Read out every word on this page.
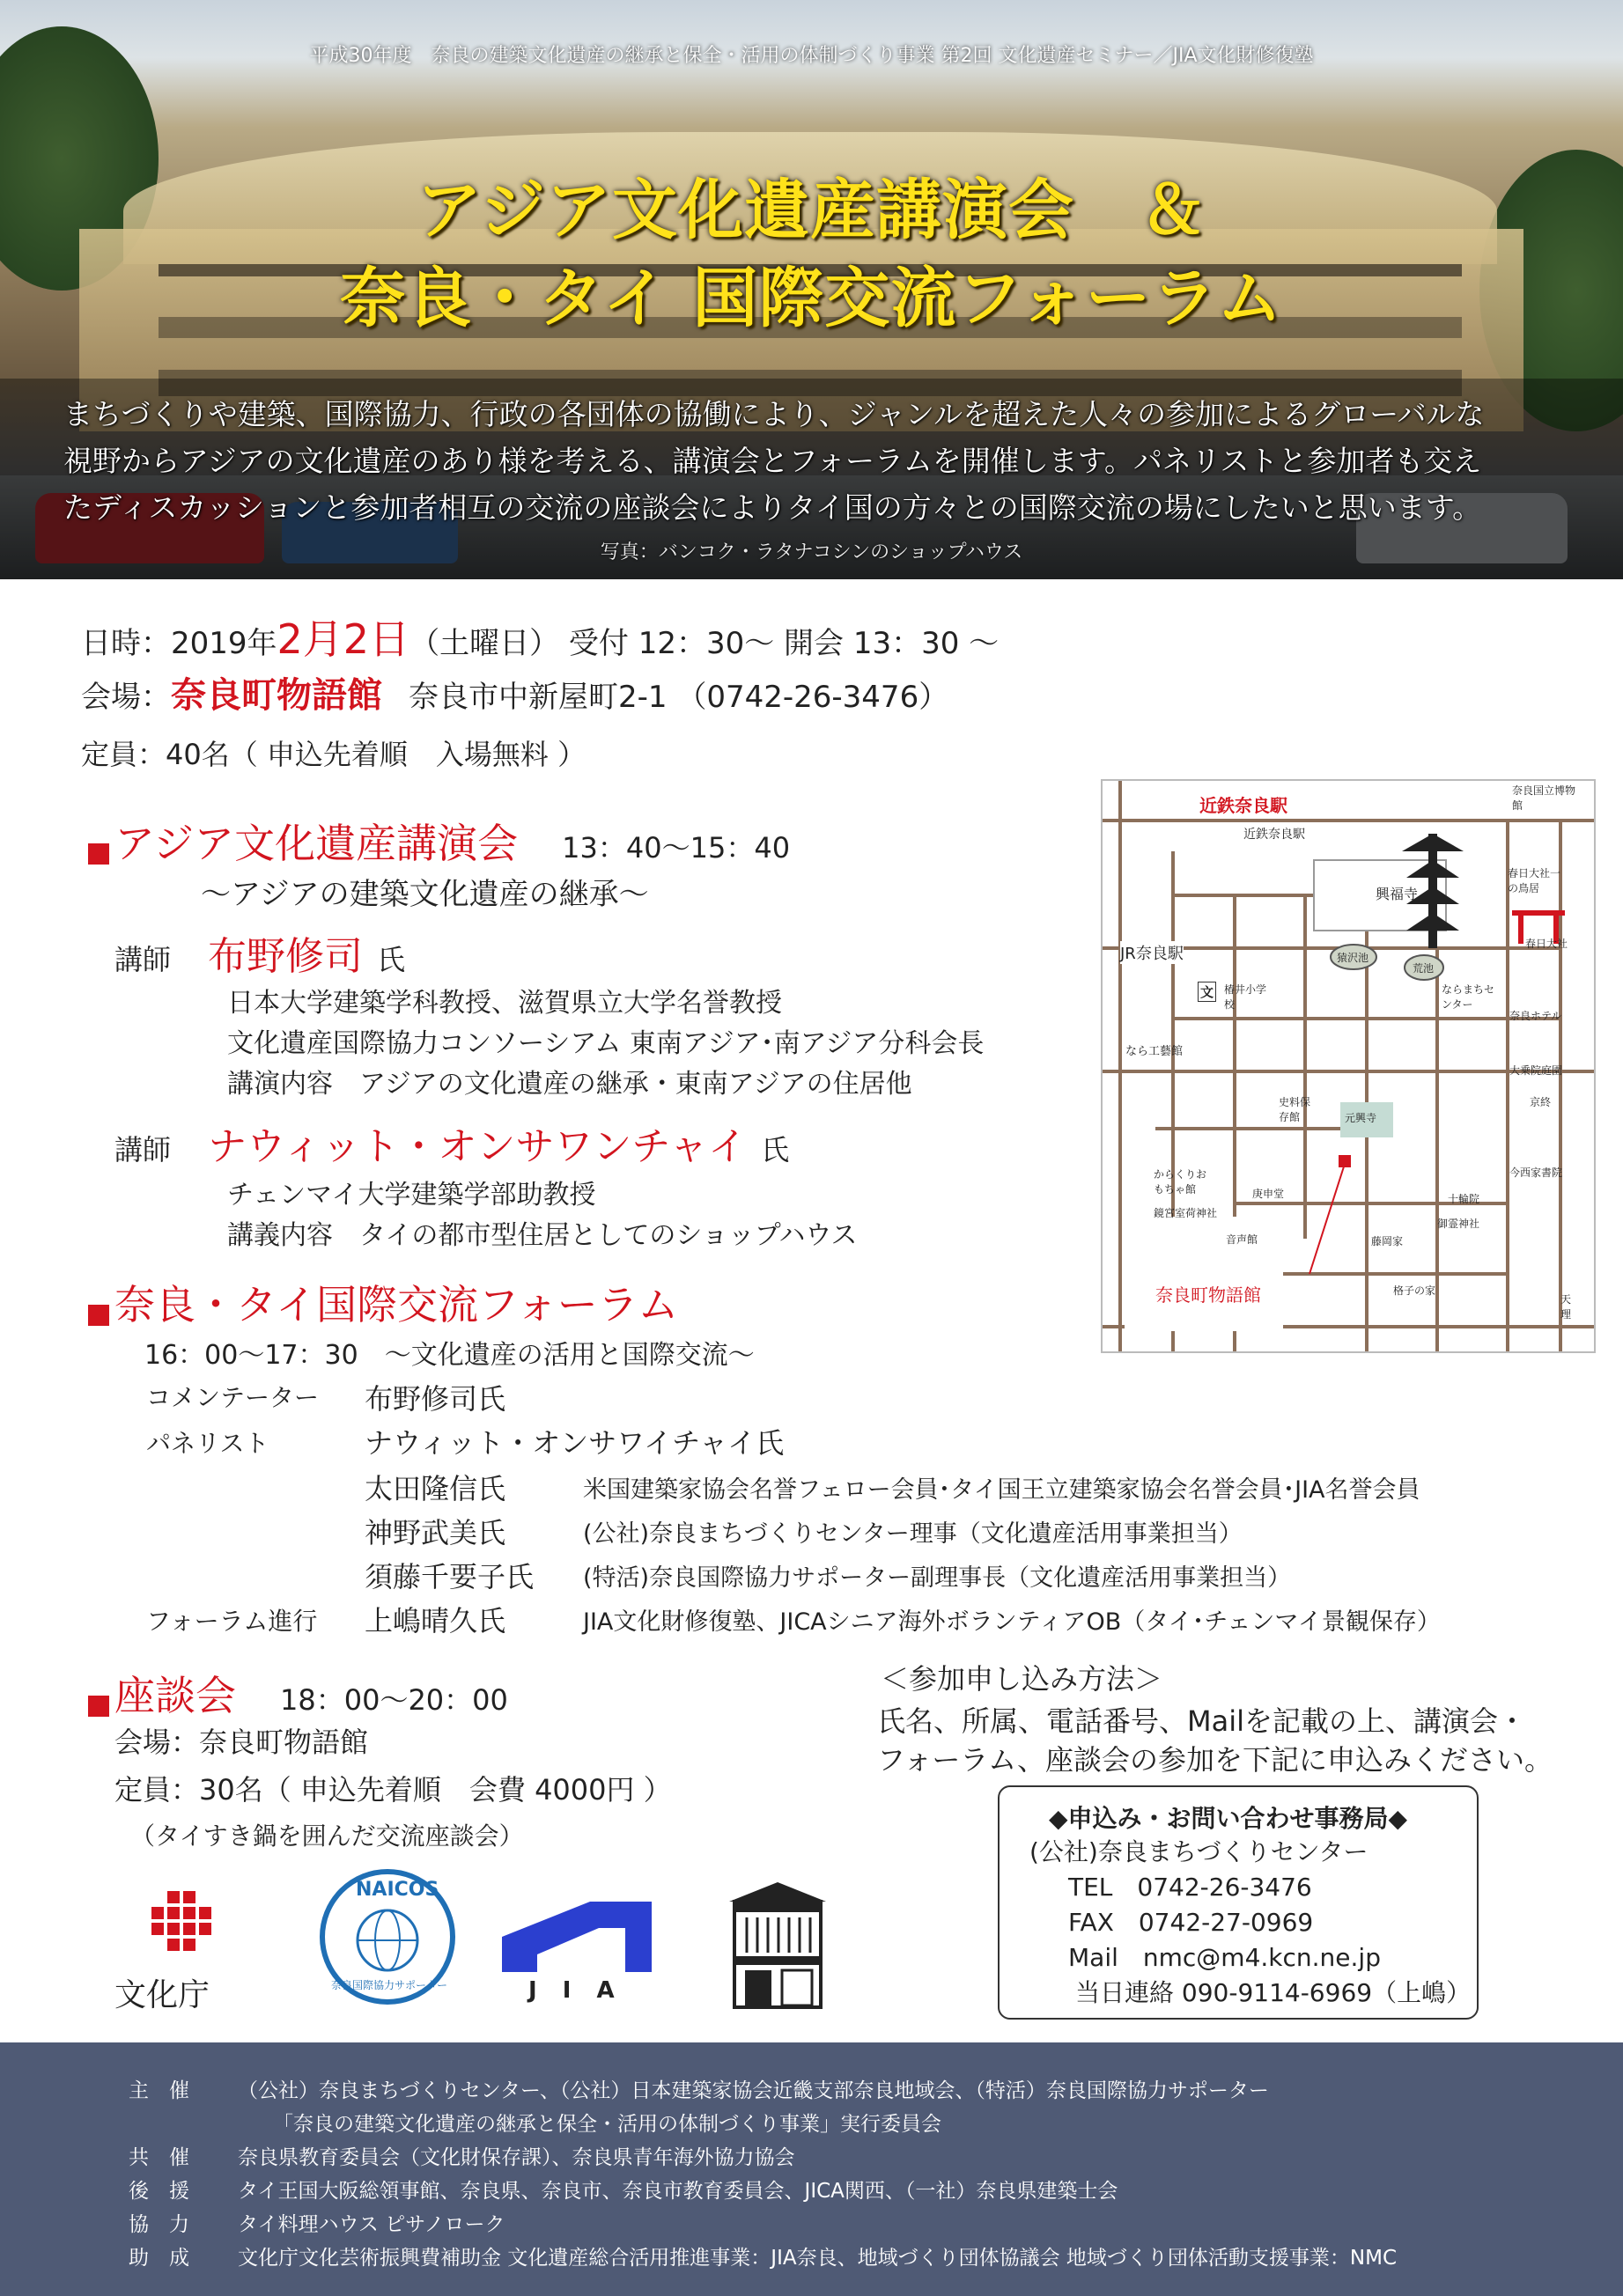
平成30年度　奈良の建築文化遺産の継承と保全・活用の体制づくり事業 第2回 文化遺産セミナー／JIA文化財修復塾
アジア文化遺産講演会　＆
奈良・タイ 国際交流フォーラム
まちづくりや建築、国際協力、行政の各団体の協働により、ジャンルを超えた人々の参加によるグローバルな
視野からアジアの文化遺産のあり様を考える、講演会とフォーラムを開催します。パネリストと参加者も交え
たディスカッションと参加者相互の交流の座談会によりタイ国の方々との国際交流の場にしたいと思います。
写真：バンコク・ラタナコシンのショップハウス
日時：2019年2月2日（土曜日） 受付 12：30～ 開会 13：30 ～
会場：奈良町物語館 奈良市中新屋町2-1 （0742-26-3476）
定員：40名（ 申込先着順　入場無料 ）
アジア文化遺産講演会 13：40～15：40
～アジアの建築文化遺産の継承～
講師 布野修司 氏
日本大学建築学科教授、滋賀県立大学名誉教授
文化遺産国際協力コンソーシアム 東南アジア･南アジア分科会長
講演内容　アジアの文化遺産の継承・東南アジアの住居他
講師 ナウィット・オンサワンチャイ 氏
チェンマイ大学建築学部助教授
講義内容　タイの都市型住居としてのショップハウス
奈良・タイ国際交流フォーラム
16：00～17：30　～文化遺産の活用と国際交流～
コメンテーター 布野修司氏
パネリスト	ナウィット・オンサワイチャイ氏
太田隆信氏	米国建築家協会名誉フェロー会員･タイ国王立建築家協会名誉会員･JIA名誉会員
神野武美氏	(公社)奈良まちづくりセンター理事（文化遺産活用事業担当）
須藤千要子氏 (特活)奈良国際協力サポーター副理事長（文化遺産活用事業担当）
フォーラム進行 上嶋晴久氏	JIA文化財修復塾、JICAシニア海外ボランティアOB（タイ･チェンマイ景観保存）
座談会 18：00～20：00
会場：奈良町物語館
定員：30名（ 申込先着順　会費 4000円 ）
（タイすき鍋を囲んだ交流座談会）
＜参加申し込み方法＞
氏名、所属、電話番号、Mailを記載の上、講演会・
フォーラム、座談会の参加を下記に申込みください。
◆申込み・お問い合わせ事務局◆
(公社)奈良まちづくりセンター
TEL　0742-26-3476
FAX　0742-27-0969
Mail　nmc@m4.kcn.ne.jp
当日連絡 090-9114-6969（上嶋）
近鉄奈良駅
近鉄奈良駅
興福寺
奈良国立博物館
春日大社一の鳥居
春日大社
JR奈良駅	猿沢池
荒池
文 椿井小学校
ならまちセンター
奈良ホテル
なら工藝館
大乗院庭園
京終
史料保存館	元興寺
からくりおもちゃ館
鏡宮室荷神社
庚申堂
音声館	藤岡家
御霊神社
十輪院
格子の家
今西家書院
天理
奈良町物語館
文化庁
NAICOS
奈良国際協力サポーター	J I A
主　催 （公社）奈良まちづくりセンター、（公社）日本建築家協会近畿支部奈良地域会、（特活）奈良国際協力サポーター
「奈良の建築文化遺産の継承と保全・活用の体制づくり事業」実行委員会
共　催 奈良県教育委員会（文化財保存課）、奈良県青年海外協力協会
後　援 タイ王国大阪総領事館、奈良県、奈良市、奈良市教育委員会、JICA関西、（一社）奈良県建築士会
協　力 タイ料理ハウス ピサノローク
助　成 文化庁文化芸術振興費補助金 文化遺産総合活用推進事業：JIA奈良、地域づくり団体協議会 地域づくり団体活動支援事業：NMC
